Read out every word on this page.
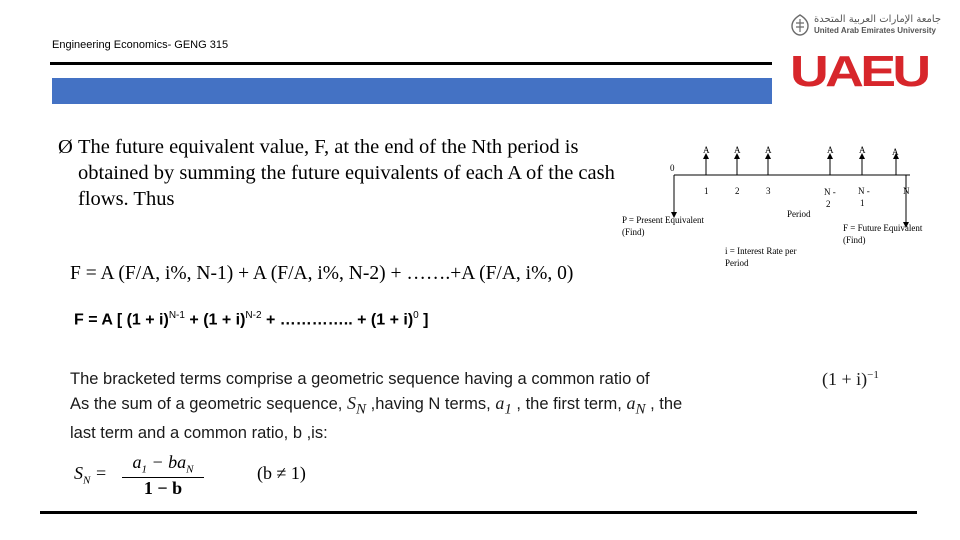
Engineering Economics- GENG 315
جامعة الإمارات العربية المتحدة
United Arab Emirates University
UAEU
Ø The future equivalent value, F, at the end of the Nth period is obtained by summing the future equivalents of each A of the cash flows. Thus
F = A (F/A, i%, N-1) + A (F/A, i%, N-2) + …….+A (F/A, i%, 0)
F = A [ $(1 + i)^{N-1} + (1 + i)^{N-2}$ + ………….. + $(1 + i)^0$ ]
The bracketed terms comprise a geometric sequence having a common ratio of	$(1 + i)^{-1}$
As the sum of a geometric sequence, $S_N$ ,having N terms, $a_1$ , the first term, $a_N$ , the
last term and a common ratio, b ,is:
$S_N$ =
$a_1 - ba_N$
1 − b
(b ≠ 1)
A	A	A	A	A	A
0
1	2	3	N -
2
N -
1
N
Period
P = Present Equivalent
(Find)
i = Interest Rate per
Period
F = Future Equivalent
(Find)
